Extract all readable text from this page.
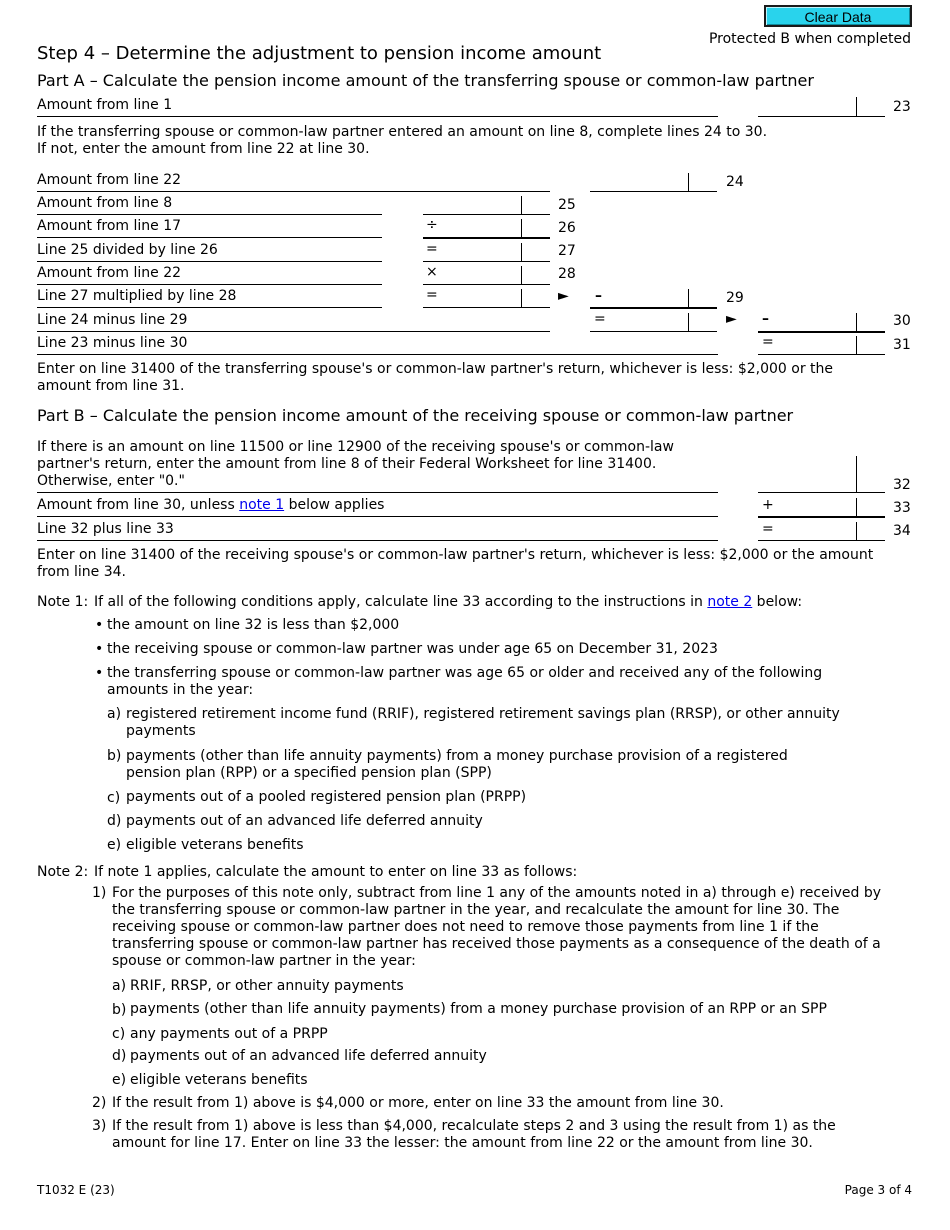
Clear Data
Protected B when completed
Step 4 – Determine the adjustment to pension income amount
Part A – Calculate the pension income amount of the transferring spouse or common-law partner
Amount from line 1	23
If the transferring spouse or common-law partner entered an amount on line 8, complete lines 24 to 30.
If not, enter the amount from line 22 at line 30.
Amount from line 22	24
Amount from line 8	25
Amount from line 17	÷	26
Line 25 divided by line 26	=	27
Amount from line 22	×	28
Line 27 multiplied by line 28	=	► –	29
Line 24 minus line 29	=	► –	30
Line 23 minus line 30	=	31
Enter on line 31400 of the transferring spouse's or common-law partner's return, whichever is less: $2,000 or the amount from line 31.
Part B – Calculate the pension income amount of the receiving spouse or common-law partner
If there is an amount on line 11500 or line 12900 of the receiving spouse's or common-law
partner's return, enter the amount from line 8 of their Federal Worksheet for line 31400.
Otherwise, enter "0."	32
Amount from line 30, unless note 1 below applies	+	33
Line 32 plus line 33	=	34
Enter on line 31400 of the receiving spouse's or common-law partner's return, whichever is less: $2,000 or the amount from line 34.
Note 1: If all of the following conditions apply, calculate line 33 according to the instructions in note 2 below:
• the amount on line 32 is less than $2,000
• the receiving spouse or common-law partner was under age 65 on December 31, 2023
• the transferring spouse or common-law partner was age 65 or older and received any of the following amounts in the year:
a) registered retirement income fund (RRIF), registered retirement savings plan (RRSP), or other annuity payments
b) payments (other than life annuity payments) from a money purchase provision of a registered pension plan (RPP) or a specified pension plan (SPP)
c) payments out of a pooled registered pension plan (PRPP)
d) payments out of an advanced life deferred annuity
e) eligible veterans benefits
Note 2: If note 1 applies, calculate the amount to enter on line 33 as follows:
1) For the purposes of this note only, subtract from line 1 any of the amounts noted in a) through e) received by the transferring spouse or common-law partner in the year, and recalculate the amount for line 30. The receiving spouse or common-law partner does not need to remove those payments from line 1 if the transferring spouse or common-law partner has received those payments as a consequence of the death of a spouse or common-law partner in the year:
a) RRIF, RRSP, or other annuity payments
b) payments (other than life annuity payments) from a money purchase provision of an RPP or an SPP
c) any payments out of a PRPP
d) payments out of an advanced life deferred annuity
e) eligible veterans benefits
2) If the result from 1) above is $4,000 or more, enter on line 33 the amount from line 30.
3) If the result from 1) above is less than $4,000, recalculate steps 2 and 3 using the result from 1) as the amount for line 17. Enter on line 33 the lesser: the amount from line 22 or the amount from line 30.
T1032 E (23)	Page 3 of 4
